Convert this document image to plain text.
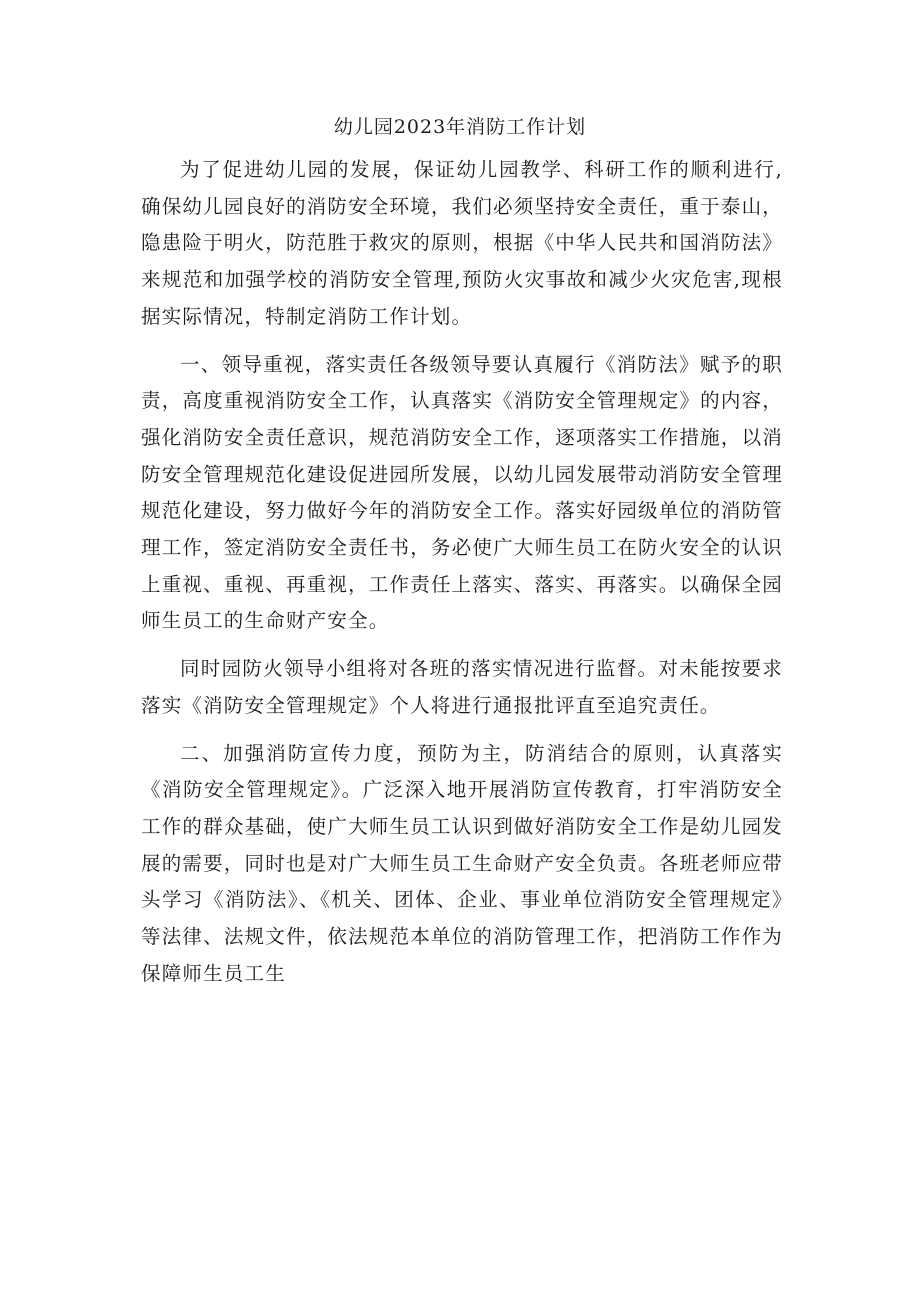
幼儿园2023年消防工作计划

为了促进幼儿园的发展，保证幼儿园教学、科研工作的顺利进行,确保幼儿园良好的消防安全环境，我们必须坚持安全责任，重于泰山，隐患险于明火，防范胜于救灾的原则，根据《中华人民共和国消防法》来规范和加强学校的消防安全管理,预防火灾事故和减少火灾危害,现根据实际情况，特制定消防工作计划。

一、领导重视，落实责任各级领导要认真履行《消防法》赋予的职责，高度重视消防安全工作，认真落实《消防安全管理规定》的内容，强化消防安全责任意识，规范消防安全工作，逐项落实工作措施，以消防安全管理规范化建设促进园所发展，以幼儿园发展带动消防安全管理规范化建设，努力做好今年的消防安全工作。落实好园级单位的消防管理工作，签定消防安全责任书，务必使广大师生员工在防火安全的认识上重视、重视、再重视，工作责任上落实、落实、再落实。以确保全园师生员工的生命财产安全。

同时园防火领导小组将对各班的落实情况进行监督。对未能按要求落实《消防安全管理规定》个人将进行通报批评直至追究责任。

二、加强消防宣传力度，预防为主，防消结合的原则，认真落实《消防安全管理规定》。广泛深入地开展消防宣传教育，打牢消防安全工作的群众基础，使广大师生员工认识到做好消防安全工作是幼儿园发展的需要，同时也是对广大师生员工生命财产安全负责。各班老师应带头学习《消防法》、《机关、团体、企业、事业单位消防安全管理规定》等法律、法规文件，依法规范本单位的消防管理工作，把消防工作作为保障师生员工生
